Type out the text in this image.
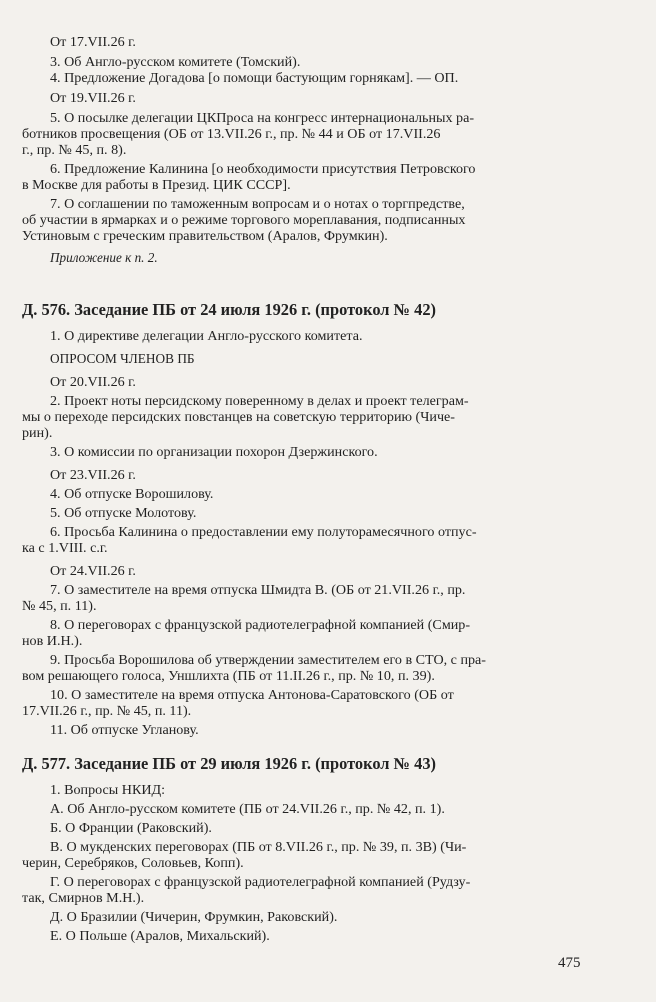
От 17.VII.26 г.

3. Об Англо-русском комитете (Томский).

4. Предложение Догадова [о помощи бастующим горнякам]. — ОП.

От 19.VII.26 г.

5. О посылке делегации ЦКПроса на конгресс интернациональных ра-

ботников просвещения (ОБ от 13.VII.26 г., пр. № 44 и ОБ от 17.VII.26

г., пр. № 45, п. 8).

6. Предложение Калинина [о необходимости присутствия Петровского

в Москве для работы в Презид. ЦИК СССР].

7. О соглашении по таможенным вопросам и о нотах о торгпредстве,

об участии в ярмарках и о режиме торгового мореплавания, подписанных

Устиновым с греческим правительством (Аралов, Фрумкин).

Приложение к п. 2.

Д. 576. Заседание ПБ от 24 июля 1926 г. (протокол № 42)

1. О директиве делегации Англо-русского комитета.

ОПРОСОМ ЧЛЕНОВ ПБ

От 20.VII.26 г.

2. Проект ноты персидскому поверенному в делах и проект телеграм-

мы о переходе персидских повстанцев на советскую территорию (Чиче-

рин).

3. О комиссии по организации похорон Дзержинского.

От 23.VII.26 г.

4. Об отпуске Ворошилову.

5. Об отпуске Молотову.

6. Просьба Калинина о предоставлении ему полуторамесячного отпус-

ка с 1.VIII. с.г.

От 24.VII.26 г.

7. О заместителе на время отпуска Шмидта В. (ОБ от 21.VII.26 г., пр.

№ 45, п. 11).

8. О переговорах с французской радиотелеграфной компанией (Смир-

нов И.Н.).

9. Просьба Ворошилова об утверждении заместителем его в СТО, с пра-

вом решающего голоса, Уншлихта (ПБ от 11.II.26 г., пр. № 10, п. 39).

10. О заместителе на время отпуска Антонова-Саратовского (ОБ от

17.VII.26 г., пр. № 45, п. 11).

11. Об отпуске Угланову.

Д. 577. Заседание ПБ от 29 июля 1926 г. (протокол № 43)

1. Вопросы НКИД:

А. Об Англо-русском комитете (ПБ от 24.VII.26 г., пр. № 42, п. 1).

Б. О Франции (Раковский).

В. О мукденских переговорах (ПБ от 8.VII.26 г., пр. № 39, п. 3В) (Чи-

черин, Серебряков, Соловьев, Копп).

Г. О переговорах с французской радиотелеграфной компанией (Рудзу-

так, Смирнов М.Н.).

Д. О Бразилии (Чичерин, Фрумкин, Раковский).

Е. О Польше (Аралов, Михальский).

475
